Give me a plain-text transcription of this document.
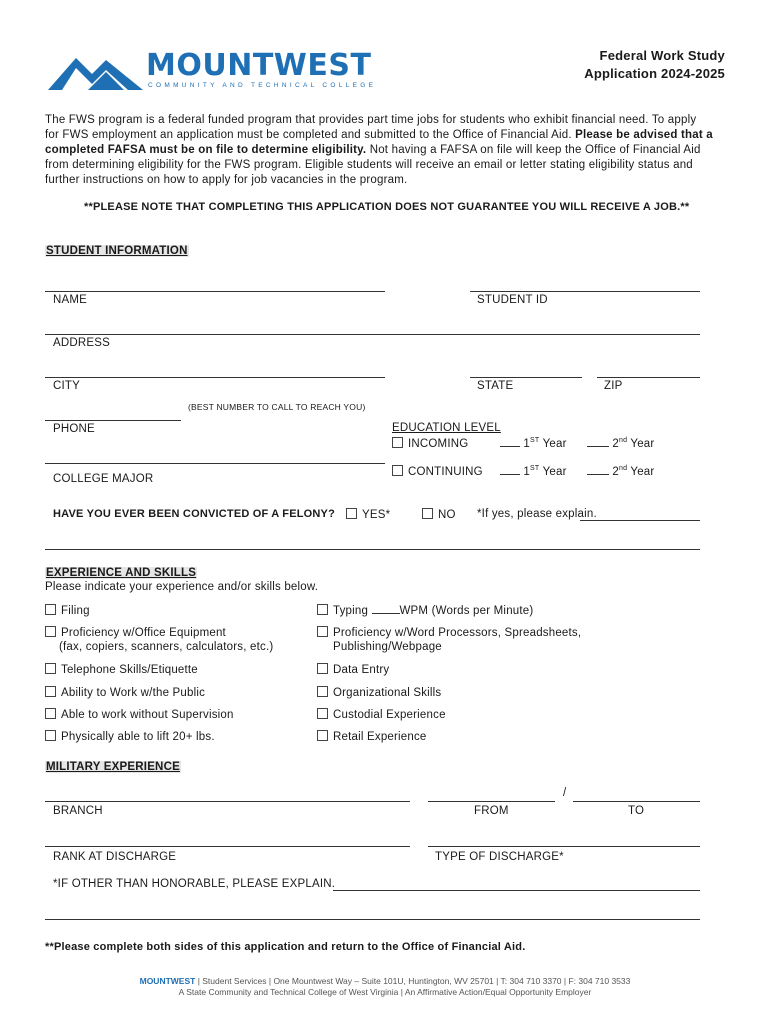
MOUNTWEST
COMMUNITY AND TECHNICAL COLLEGE
Federal Work Study
Application 2024-2025
The FWS program is a federal funded program that provides part time jobs for students who exhibit financial need. To apply
for FWS employment an application must be completed and submitted to the Office of Financial Aid. Please be advised that a
completed FAFSA must be on file to determine eligibility. Not having a FAFSA on file will keep the Office of Financial Aid
from determining eligibility for the FWS program. Eligible students will receive an email or letter stating eligibility status and
further instructions on how to apply for job vacancies in the program.
**PLEASE NOTE THAT COMPLETING THIS APPLICATION DOES NOT GUARANTEE YOU WILL RECEIVE A JOB.**
STUDENT INFORMATION
NAME	STUDENT ID
ADDRESS
CITY	STATE	ZIP
(BEST NUMBER TO CALL TO REACH YOU)
PHONE	EDUCATION LEVEL
INCOMING	1ST Year	2nd Year
CONTINUING	1ST Year	2nd Year
COLLEGE MAJOR
HAVE YOU EVER BEEN CONVICTED OF A FELONY?	YES*	NO *If yes, please explain.
EXPERIENCE AND SKILLS
Please indicate your experience and/or skills below.
Filing
Proficiency w/Office Equipment
(fax, copiers, scanners, calculators, etc.)
Telephone Skills/Etiquette
Ability to Work w/the Public
Able to work without Supervision
Physically able to lift 20+ lbs.
Typing	WPM (Words per Minute)
Proficiency w/Word Processors, Spreadsheets,
Publishing/Webpage
Data Entry
Organizational Skills
Custodial Experience
Retail Experience
MILITARY EXPERIENCE
/
BRANCH	FROM	TO
RANK AT DISCHARGE	TYPE OF DISCHARGE*
*IF OTHER THAN HONORABLE, PLEASE EXPLAIN.
**Please complete both sides of this application and return to the Office of Financial Aid.
MOUNTWEST | Student Services | One Mountwest Way – Suite 101U, Huntington, WV 25701 | T: 304 710 3370 | F: 304 710 3533
A State Community and Technical College of West Virginia | An Affirmative Action/Equal Opportunity Employer
